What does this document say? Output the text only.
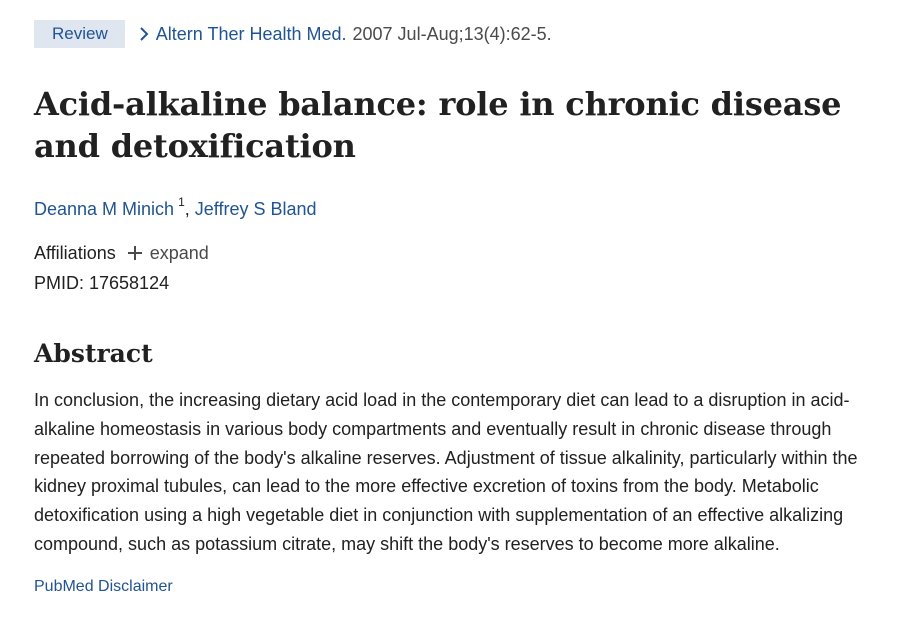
Review	Altern Ther Health Med. 2007 Jul-Aug;13(4):62-5.
Acid-alkaline balance: role in chronic disease and detoxification
Deanna M Minich $^1$, Jeffrey S Bland
Affiliations expand
PMID: 17658124
Abstract
In conclusion, the increasing dietary acid load in the contemporary diet can lead to a disruption in acid-alkaline homeostasis in various body compartments and eventually result in chronic disease through repeated borrowing of the body's alkaline reserves. Adjustment of tissue alkalinity, particularly within the kidney proximal tubules, can lead to the more effective excretion of toxins from the body. Metabolic detoxification using a high vegetable diet in conjunction with supplementation of an effective alkalizing compound, such as potassium citrate, may shift the body's reserves to become more alkaline.
PubMed Disclaimer
